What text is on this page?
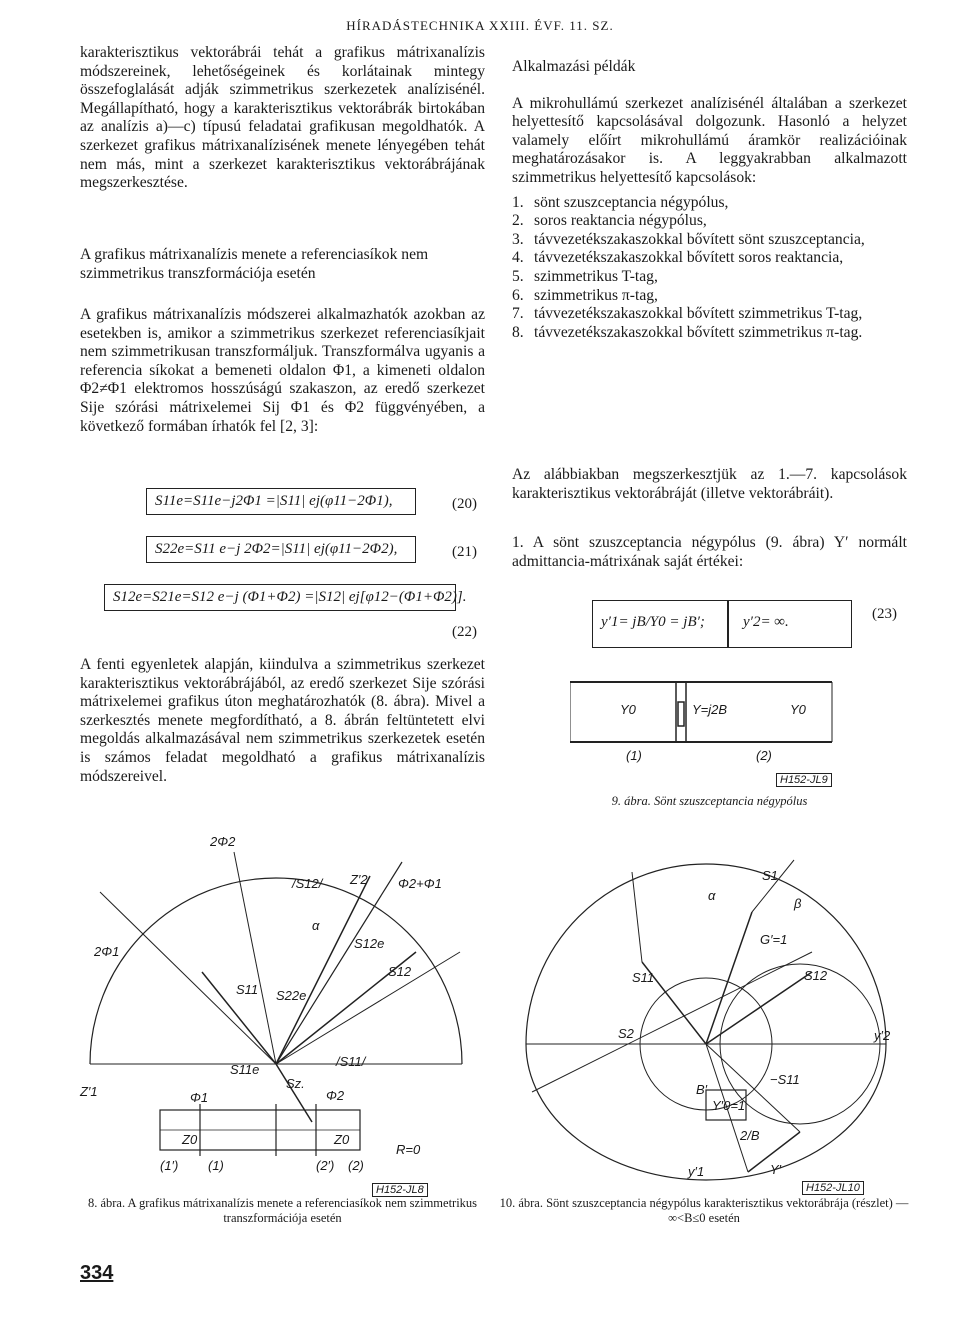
HÍRADÁSTECHNIKA XXIII. ÉVF. 11. SZ.

karakterisztikus vektorábrái tehát a grafikus mátrixanalízis módszereinek, lehetőségeinek és korlátainak mintegy összefoglalását adják szimmetrikus szerkezetek analízisénél. Megállapítható, hogy a karakterisztikus vektorábrák birtokában az analízis a)—c) típusú feladatai grafikusan megoldhatók. A szerkezet grafikus mátrixanalízisének menete lényegében tehát nem más, mint a szerkezet karakterisztikus vektorábrájának megszerkesztése.

A grafikus mátrixanalízis menete a referenciasíkok nem szimmetrikus transzformációja esetén

A grafikus mátrixanalízis módszerei alkalmazhatók azokban az esetekben is, amikor a szimmetrikus szerkezet referenciasíkjait nem szimmetrikusan transzformáljuk. Transzformálva ugyanis a referencia síkokat a bemeneti oldalon Φ1, a kimeneti oldalon Φ2≠Φ1 elektromos hosszúságú szakaszon, az eredő szerkezet Sije szórási mátrixelemei Sij Φ1 és Φ2 függvényében, a következő formában írhatók fel [2, 3]:

S11e=S11e−j2Φ1 =|S11| ej(φ11−2Φ1),	(20)
S22e=S11 e−j 2Φ2=|S11| ej(φ11−2Φ2),	(21)
S12e=S21e=S12 e−j (Φ1+Φ2) =|S12| ej[φ12−(Φ1+Φ2)].
(22)

A fenti egyenletek alapján, kiindulva a szimmetrikus szerkezet karakterisztikus vektorábrájából, az eredő szerkezet Sije szórási mátrixelemei grafikus úton meghatározhatók (8. ábra). Mivel a szerkesztés menete megfordítható, a 8. ábrán feltüntetett elvi megoldás alkalmazásával nem szimmetrikus szerkezetek esetén is számos feladat megoldható a grafikus mátrixanalízis módszereivel.

Alkalmazási példák

A mikrohullámú szerkezet analízisénél általában a szerkezet helyettesítő kapcsolásával dolgozunk. Hasonló a helyzet valamely előírt mikrohullámú áramkör realizációinak meghatározásakor is. A leggyakrabban alkalmazott szimmetrikus helyettesítő kapcsolások:

1. sönt szuszceptancia négypólus,
2. soros reaktancia négypólus,
3. távvezetékszakaszokkal bővített sönt szuszceptancia,
4. távvezetékszakaszokkal bővített soros reaktancia,
5. szimmetrikus T-tag,
6. szimmetrikus π-tag,
7. távvezetékszakaszokkal bővített szimmetrikus T-tag,
8. távvezetékszakaszokkal bővített szimmetrikus π-tag.

Az alábbiakban megszerkesztjük az 1.—7. kapcsolások karakterisztikus vektorábráját (illetve vektorábráit).

1. A sönt szuszceptancia négypólus (9. ábra) Y′ normált admittancia-mátrixának saját értékei:

y′1= jB/Y0 = jB′;	y′2= ∞.	(23)
Y0	Y=j2B	Y0
(1)	(2)
H152-JL9
9. ábra. Sönt szuszceptancia négypólus
2Φ2
/S12/ Z′2 Φ2+Φ1
α
S12e
S12
S11 S22e
S11e
/S11/
Z′1	Φ1
Sz.
Φ2
Z0	Z0
(1′) (1)	(2′) (2)
R=0
2Φ1
H152-JL8
8. ábra. A grafikus mátrixanalízis menete a referenciasíkok nem szimmetrikus transzformációja esetén
α
S1
β
G′=1
S11	S12
S2	y′2
−S11
B′
2/B
Y′0=1
y′1	Y′
H152-JL10
10. ábra. Sönt szuszceptancia négypólus karakterisztikus vektorábrája (részlet) — ∞<B≤0 esetén
334
